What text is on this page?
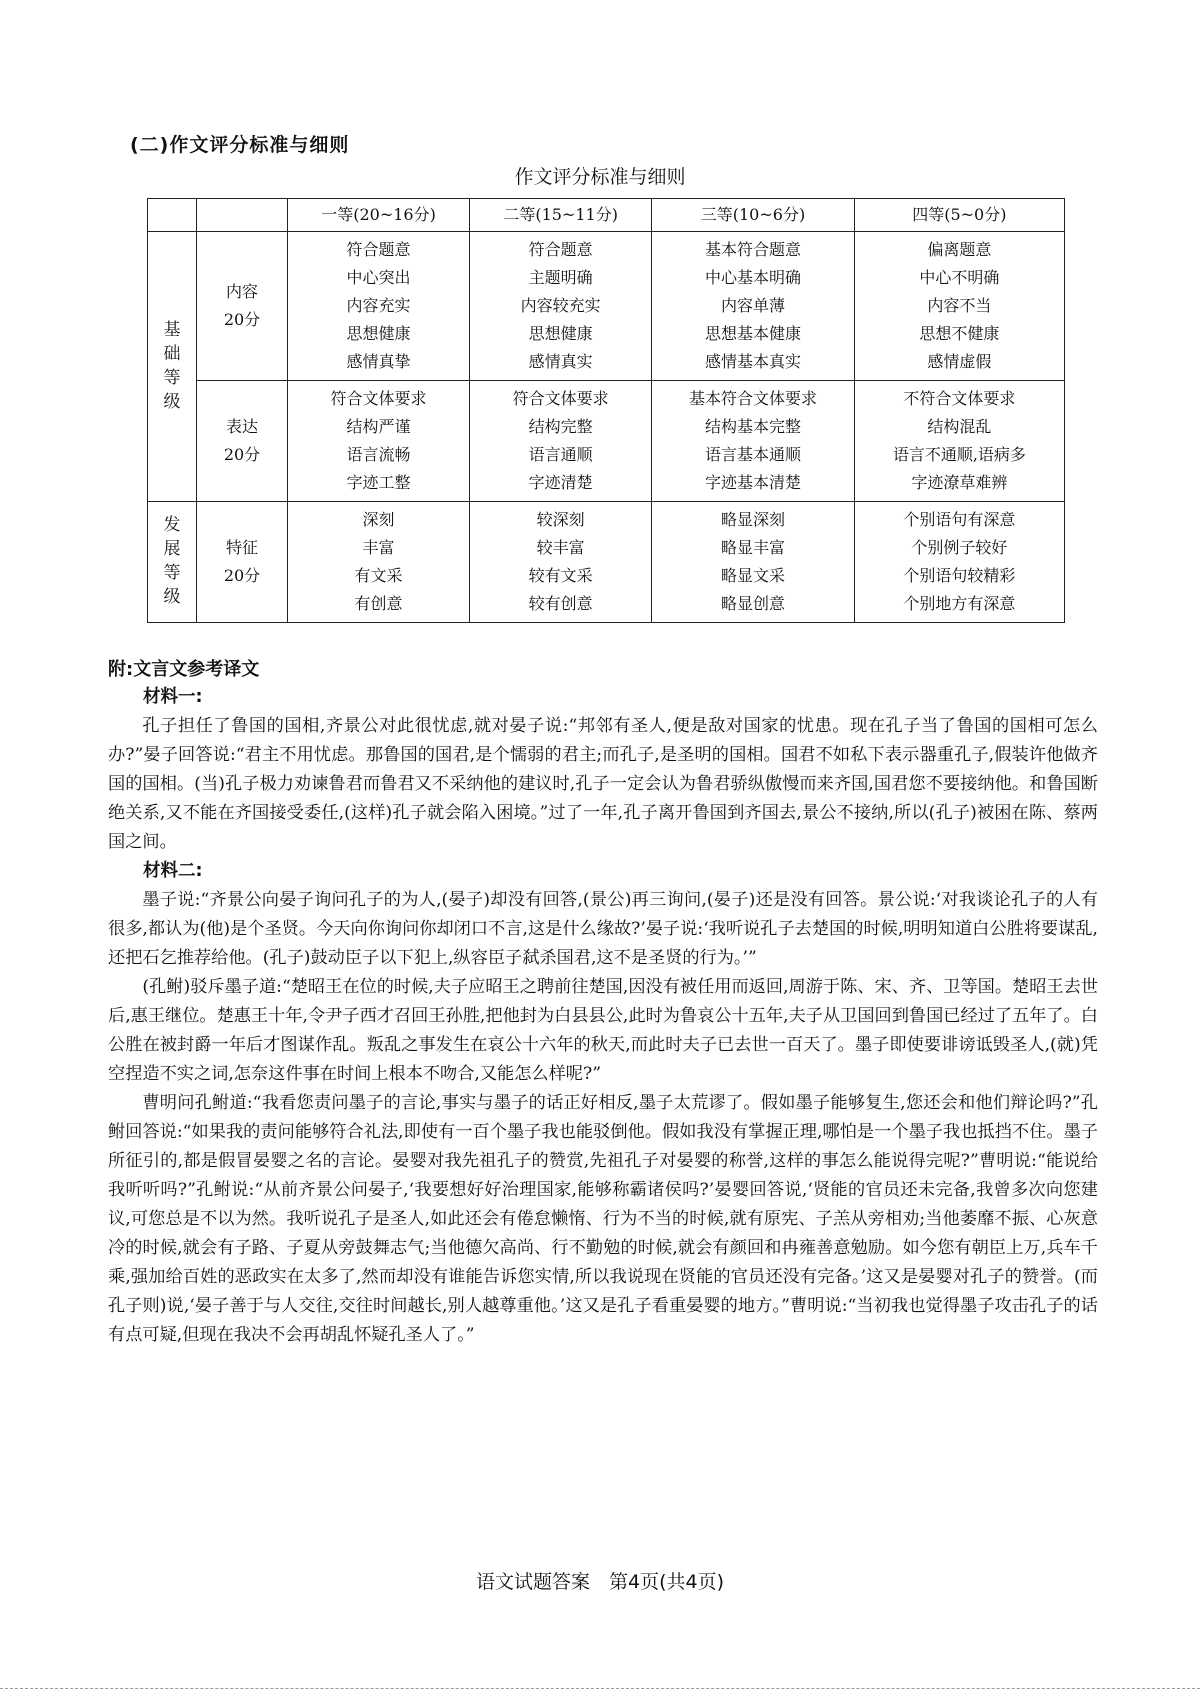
(二)作文评分标准与细则
作文评分标准与细则
		一等(20~16分)	二等(15~11分)	三等(10~6分)	四等(5~0分)
基础等级	内容
20分	符合题意
中心突出
内容充实
思想健康
感情真挚	符合题意
主题明确
内容较充实
思想健康
感情真实	基本符合题意
中心基本明确
内容单薄
思想基本健康
感情基本真实	偏离题意
中心不明确
内容不当
思想不健康
感情虚假

	表达
20分	符合文体要求
结构严谨
语言流畅
字迹工整	符合文体要求
结构完整
语言通顺
字迹清楚	基本符合文体要求
结构基本完整
语言基本通顺
字迹基本清楚	不符合文体要求
结构混乱
语言不通顺,语病多
字迹潦草难辨

发展等级	特征
20分	深刻
丰富
有文采
有创意	较深刻
较丰富
较有文采
较有创意	略显深刻
略显丰富
略显文采
略显创意	个别语句有深意
个别例子较好
个别语句较精彩
个别地方有深意
附:文言文参考译文

材料一:

孔子担任了鲁国的国相,齐景公对此很忧虑,就对晏子说:“邦邻有圣人,便是敌对国家的忧患。现在孔子当了鲁国的国相可怎么办?”晏子回答说:“君主不用忧虑。那鲁国的国君,是个懦弱的君主;而孔子,是圣明的国相。国君不如私下表示器重孔子,假装许他做齐国的国相。(当)孔子极力劝谏鲁君而鲁君又不采纳他的建议时,孔子一定会认为鲁君骄纵傲慢而来齐国,国君您不要接纳他。和鲁国断绝关系,又不能在齐国接受委任,(这样)孔子就会陷入困境。”过了一年,孔子离开鲁国到齐国去,景公不接纳,所以(孔子)被困在陈、蔡两国之间。

材料二:

墨子说:“齐景公向晏子询问孔子的为人,(晏子)却没有回答,(景公)再三询问,(晏子)还是没有回答。景公说:‘对我谈论孔子的人有很多,都认为(他)是个圣贤。今天向你询问你却闭口不言,这是什么缘故?’晏子说:‘我听说孔子去楚国的时候,明明知道白公胜将要谋乱,还把石乞推荐给他。(孔子)鼓动臣子以下犯上,纵容臣子弑杀国君,这不是圣贤的行为。’”

(孔鲋)驳斥墨子道:“楚昭王在位的时候,夫子应昭王之聘前往楚国,因没有被任用而返回,周游于陈、宋、齐、卫等国。楚昭王去世后,惠王继位。楚惠王十年,令尹子西才召回王孙胜,把他封为白县县公,此时为鲁哀公十五年,夫子从卫国回到鲁国已经过了五年了。白公胜在被封爵一年后才图谋作乱。叛乱之事发生在哀公十六年的秋天,而此时夫子已去世一百天了。墨子即使要诽谤诋毁圣人,(就)凭空捏造不实之词,怎奈这件事在时间上根本不吻合,又能怎么样呢?”

曹明问孔鲋道:“我看您责问墨子的言论,事实与墨子的话正好相反,墨子太荒谬了。假如墨子能够复生,您还会和他们辩论吗?”孔鲋回答说:“如果我的责问能够符合礼法,即使有一百个墨子我也能驳倒他。假如我没有掌握正理,哪怕是一个墨子我也抵挡不住。墨子所征引的,都是假冒晏婴之名的言论。晏婴对我先祖孔子的赞赏,先祖孔子对晏婴的称誉,这样的事怎么能说得完呢?”曹明说:“能说给我听听吗?”孔鲋说:“从前齐景公问晏子,‘我要想好好治理国家,能够称霸诸侯吗?’晏婴回答说,‘贤能的官员还未完备,我曾多次向您建议,可您总是不以为然。我听说孔子是圣人,如此还会有倦怠懒惰、行为不当的时候,就有原宪、子羔从旁相劝;当他萎靡不振、心灰意冷的时候,就会有子路、子夏从旁鼓舞志气;当他德欠高尚、行不勤勉的时候,就会有颜回和冉雍善意勉励。如今您有朝臣上万,兵车千乘,强加给百姓的恶政实在太多了,然而却没有谁能告诉您实情,所以我说现在贤能的官员还没有完备。’这又是晏婴对孔子的赞誉。(而孔子则)说,‘晏子善于与人交往,交往时间越长,别人越尊重他。’这又是孔子看重晏婴的地方。”曹明说:“当初我也觉得墨子攻击孔子的话有点可疑,但现在我决不会再胡乱怀疑孔圣人了。”

语文试题答案　第4页(共4页)
